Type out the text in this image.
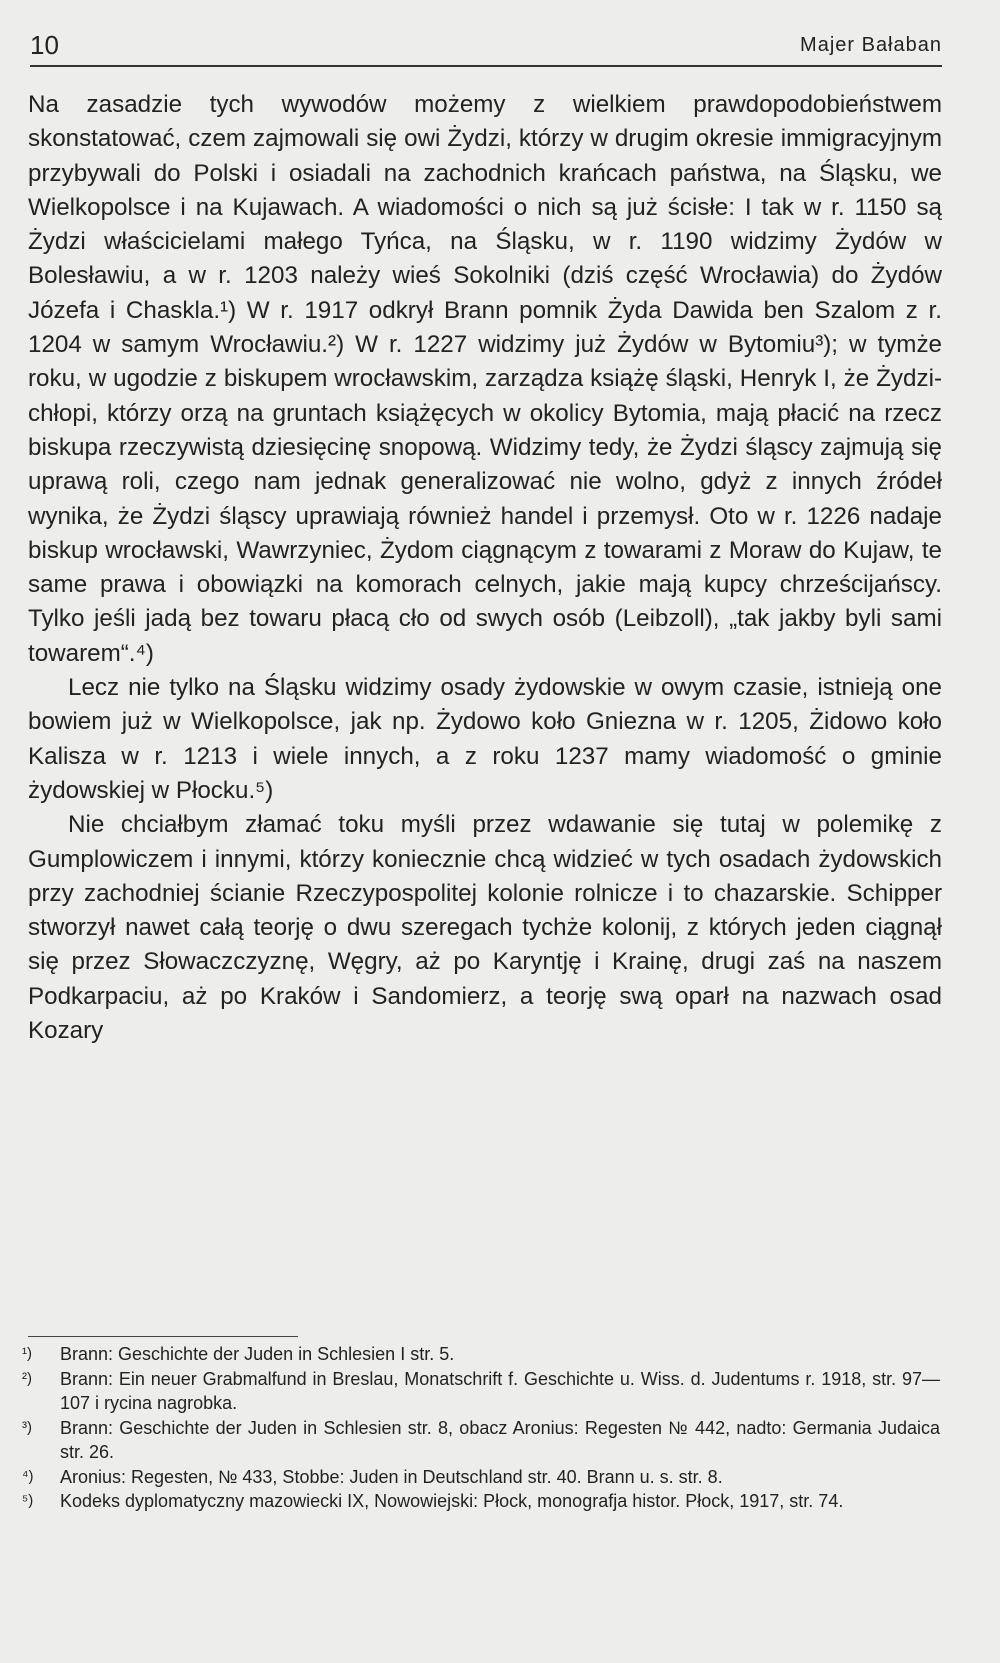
10	Majer Bałaban

Na zasadzie tych wywodów możemy z wielkiem prawdopodobieństwem skonstatować, czem zajmowali się owi Żydzi, którzy w drugim okresie immigracyjnym przybywali do Polski i osiadali na zachodnich krańcach państwa, na Śląsku, we Wielkopolsce i na Kujawach. A wiadomości o nich są już ścisłe: I tak w r. 1150 są Żydzi właścicielami małego Tyńca, na Śląsku, w r. 1190 widzimy Żydów w Bolesławiu, a w r. 1203 należy wieś Sokolniki (dziś część Wrocławia) do Żydów Józefa i Chaskla.¹) W r. 1917 odkrył Brann pomnik Żyda Dawida ben Szalom z r. 1204 w samym Wrocławiu.²) W r. 1227 widzimy już Żydów w Bytomiu³); w tymże roku, w ugodzie z biskupem wrocławskim, zarządza książę śląski, Henryk I, że Żydzi-chłopi, którzy orzą na gruntach książęcych w okolicy Bytomia, mają płacić na rzecz biskupa rzeczywistą dziesięcinę snopową. Widzimy tedy, że Żydzi śląscy zajmują się uprawą roli, czego nam jednak generalizować nie wolno, gdyż z innych źródeł wynika, że Żydzi śląscy uprawiają również handel i przemysł. Oto w r. 1226 nadaje biskup wrocławski, Wawrzyniec, Żydom ciągnącym z towarami z Moraw do Kujaw, te same prawa i obowiązki na komorach celnych, jakie mają kupcy chrześcijańscy. Tylko jeśli jadą bez towaru płacą cło od swych osób (Leibzoll), „tak jakby byli sami towarem“.⁴)

Lecz nie tylko na Śląsku widzimy osady żydowskie w owym czasie, istnieją one bowiem już w Wielkopolsce, jak np. Żydowo koło Gniezna w r. 1205, Żidowo koło Kalisza w r. 1213 i wiele innych, a z roku 1237 mamy wiadomość o gminie żydowskiej w Płocku.⁵)

Nie chciałbym złamać toku myśli przez wdawanie się tutaj w polemikę z Gumplowiczem i innymi, którzy koniecznie chcą widzieć w tych osadach żydowskich przy zachodniej ścianie Rzeczypospolitej kolonie rolnicze i to chazarskie. Schipper stworzył nawet całą teorję o dwu szeregach tychże kolonij, z których jeden ciągnął się przez Słowaczczyznę, Węgry, aż po Karyntję i Krainę, drugi zaś na naszem Podkarpaciu, aż po Kraków i Sandomierz, a teorję swą oparł na nazwach osad Kozary

¹) Brann: Geschichte der Juden in Schlesien I str. 5.
²) Brann: Ein neuer Grabmalfund in Breslau, Monatschrift f. Geschichte u. Wiss. d. Judentums r. 1918, str. 97—107 i rycina nagrobka.
³) Brann: Geschichte der Juden in Schlesien str. 8, obacz Aronius: Regesten № 442, nadto: Germania Judaica str. 26.
⁴) Aronius: Regesten, № 433, Stobbe: Juden in Deutschland str. 40. Brann u. s. str. 8.
⁵) Kodeks dyplomatyczny mazowiecki IX, Nowowiejski: Płock, monografja histor. Płock, 1917, str. 74.
